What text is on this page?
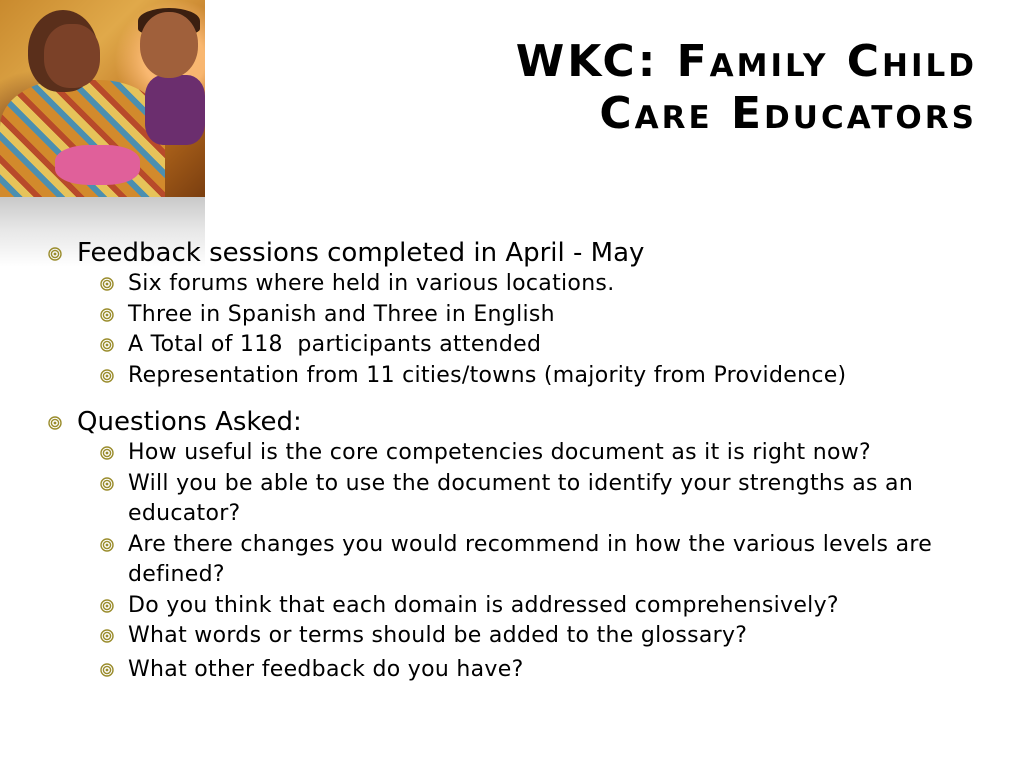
WKC: Family Child
Care Educators

Feedback sessions completed in April - May

Six forums where held in various locations.

Three in Spanish and Three in English

A Total of 118  participants attended

Representation from 11 cities/towns (majority from Providence)

Questions Asked:

How useful is the core competencies document as it is right now?

Will you be able to use the document to identify your strengths as an educator?

Are there changes you would recommend in how the various levels are defined?

Do you think that each domain is addressed comprehensively?

What words or terms should be added to the glossary?

What other feedback do you have?
